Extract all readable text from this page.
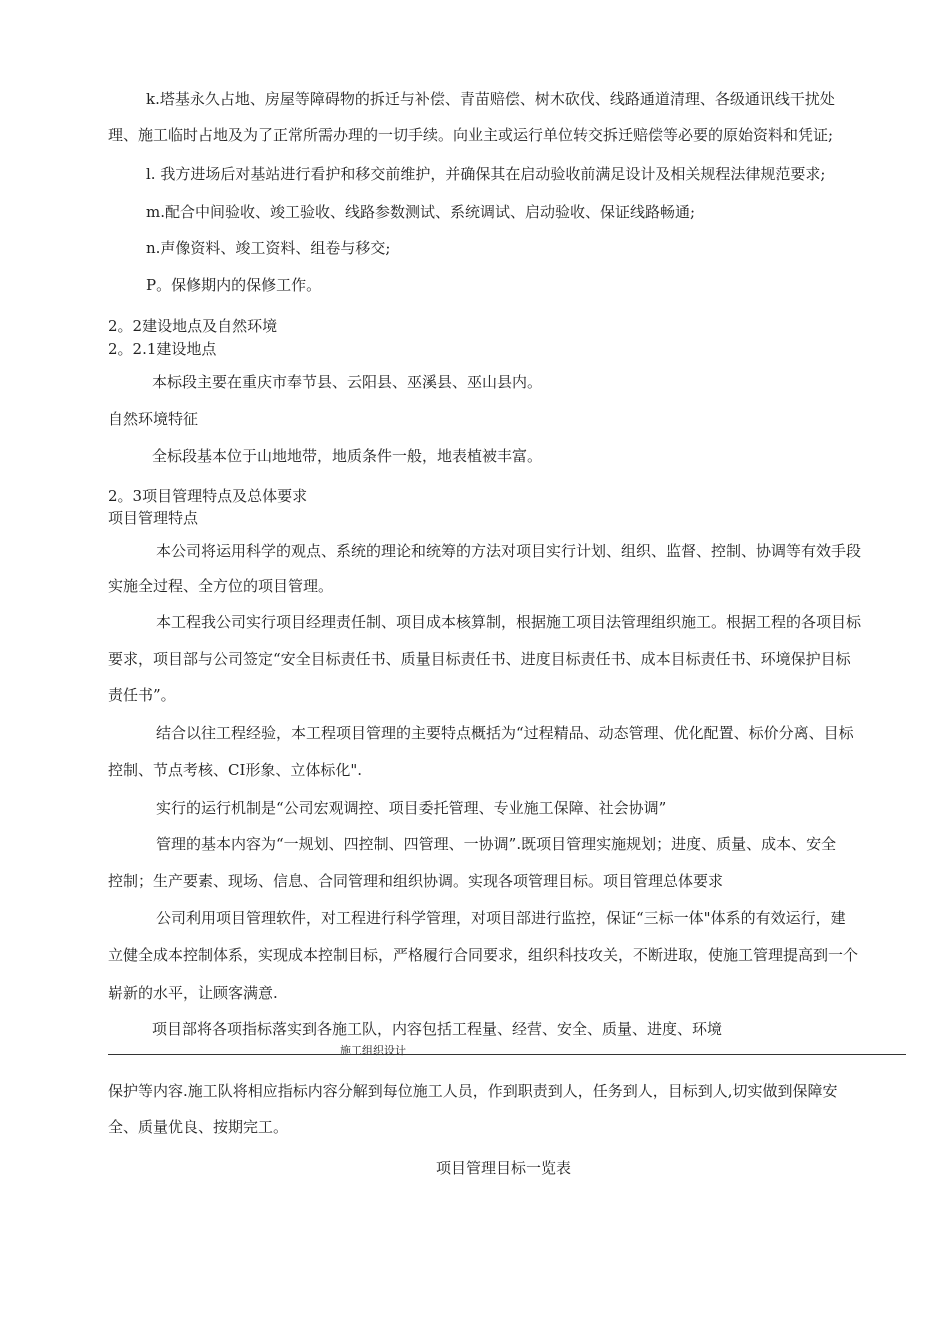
k.塔基永久占地、房屋等障碍物的拆迁与补偿、青苗赔偿、树木砍伐、线路通道清理、各级通讯线干扰处
理、施工临时占地及为了正常所需办理的一切手续。向业主或运行单位转交拆迁赔偿等必要的原始资料和凭证;
l. 我方进场后对基站进行看护和移交前维护，并确保其在启动验收前满足设计及相关规程法律规范要求;
m.配合中间验收、竣工验收、线路参数测试、系统调试、启动验收、保证线路畅通;
n.声像资料、竣工资料、组卷与移交;
P。保修期内的保修工作。
2。2建设地点及自然环境
2。2.1建设地点
本标段主要在重庆市奉节县、云阳县、巫溪县、巫山县内。
自然环境特征
全标段基本位于山地地带，地质条件一般，地表植被丰富。
2。3项目管理特点及总体要求
项目管理特点
本公司将运用科学的观点、系统的理论和统筹的方法对项目实行计划、组织、监督、控制、协调等有效手段
实施全过程、全方位的项目管理。
本工程我公司实行项目经理责任制、项目成本核算制，根据施工项目法管理组织施工。根据工程的各项目标
要求，项目部与公司签定“安全目标责任书、质量目标责任书、进度目标责任书、成本目标责任书、环境保护目标
责任书”。
结合以往工程经验，本工程项目管理的主要特点概括为“过程精品、动态管理、优化配置、标价分离、目标
控制、节点考核、CI形象、立体标化".
实行的运行机制是“公司宏观调控、项目委托管理、专业施工保障、社会协调”
管理的基本内容为“一规划、四控制、四管理、一协调”.既项目管理实施规划；进度、质量、成本、安全
控制；生产要素、现场、信息、合同管理和组织协调。实现各项管理目标。项目管理总体要求
公司利用项目管理软件，对工程进行科学管理，对项目部进行监控，保证“三标一体"体系的有效运行，建
立健全成本控制体系，实现成本控制目标，严格履行合同要求，组织科技攻关，不断进取，使施工管理提高到一个
崭新的水平，让顾客满意.
项目部将各项指标落实到各施工队，内容包括工程量、经营、安全、质量、进度、环境
施工组织设计
保护等内容.施工队将相应指标内容分解到每位施工人员，作到职责到人，任务到人，目标到人,切实做到保障安
全、质量优良、按期完工。
项目管理目标一览表
